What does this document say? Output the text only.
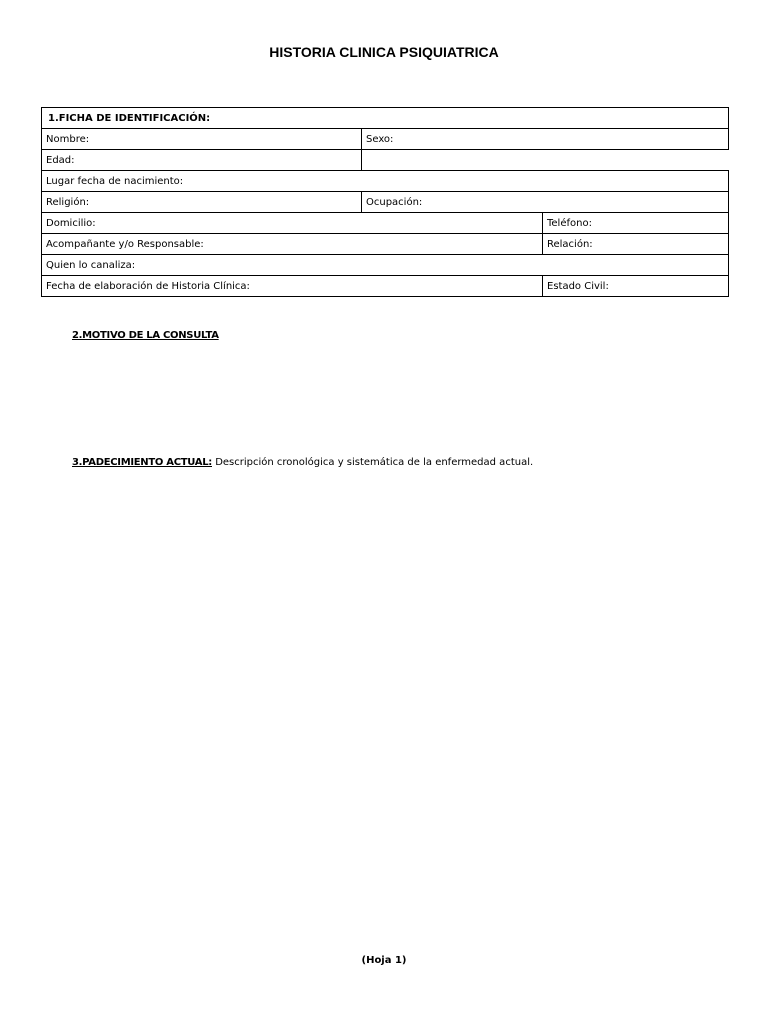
HISTORIA CLINICA PSIQUIATRICA
1.FICHA DE IDENTIFICACIÓN:		
Nombre:	Sexo:	
Edad:		
Lugar fecha de nacimiento:		
Religión:	Ocupación:	
Domicilio:		Teléfono:
Acompañante y/o Responsable:		Relación:
Quien lo canaliza:		
Fecha de elaboración de Historia Clínica:		Estado Civil:
2.MOTIVO DE LA CONSULTA
3.PADECIMIENTO ACTUAL: Descripción cronológica y sistemática de la enfermedad actual.
(Hoja 1)
